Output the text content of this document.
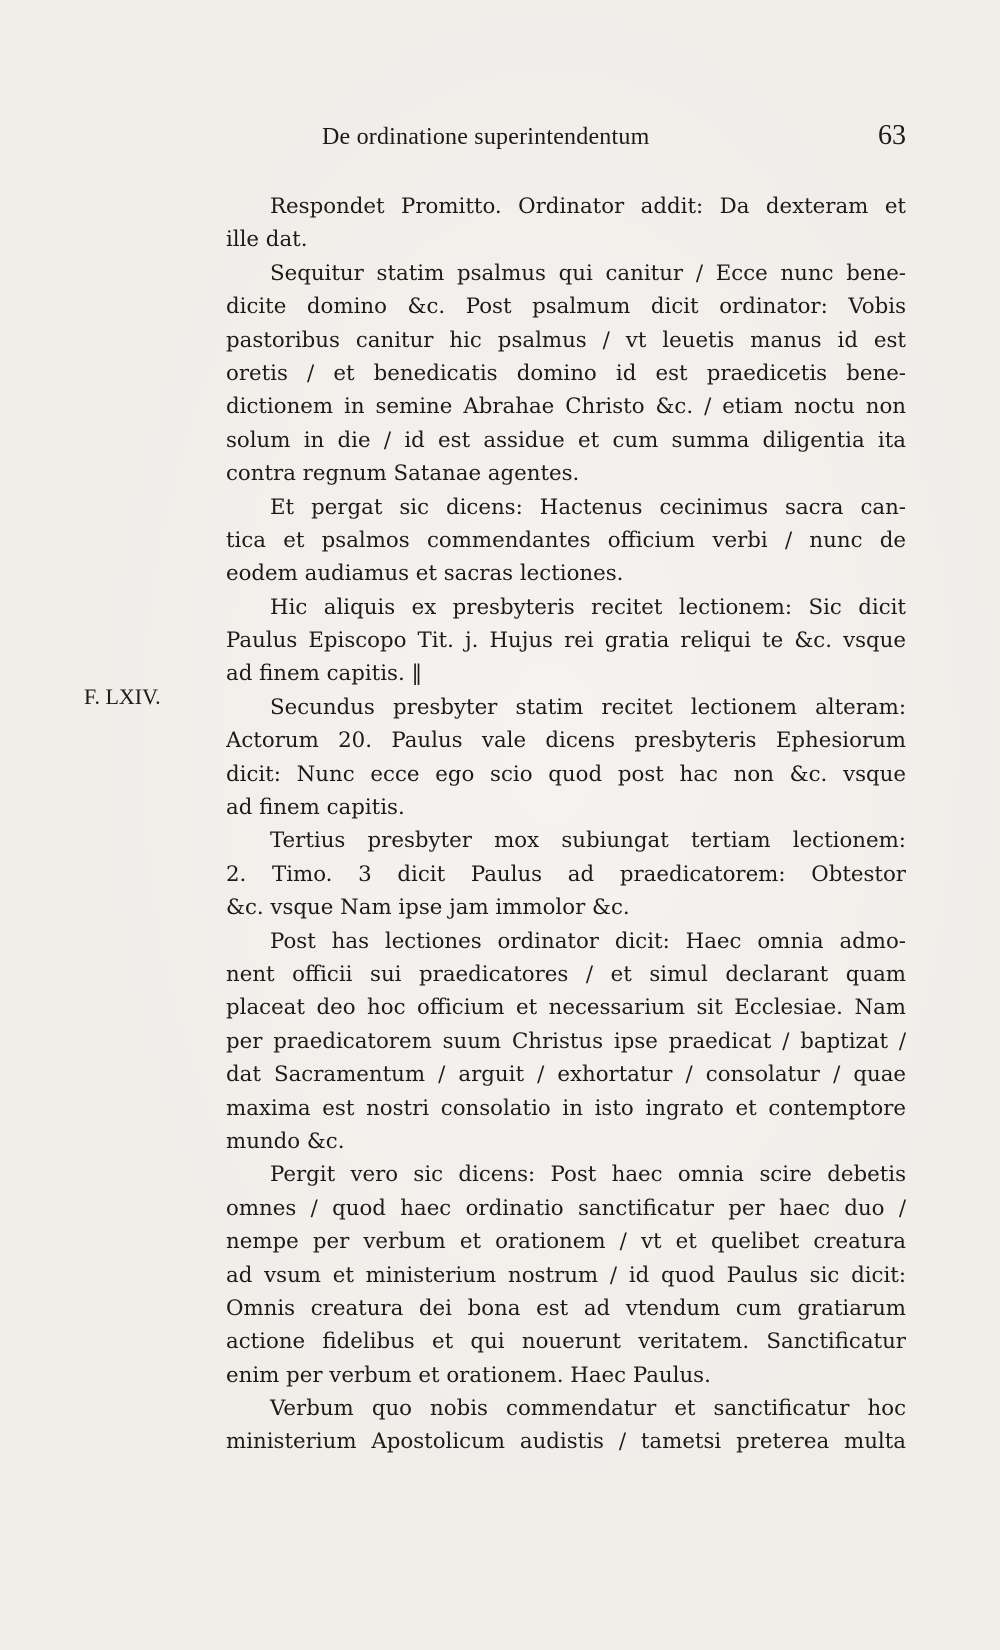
De ordinatione superintendentum	63
F. LXIV.
Respondet Promitto. Ordinator addit: Da dexteram et
ille dat.
Sequitur statim psalmus qui canitur / Ecce nunc bene-
dicite domino &c. Post psalmum dicit ordinator: Vobis
pastoribus canitur hic psalmus / vt leuetis manus id est
oretis / et benedicatis domino id est praedicetis bene-
dictionem in semine Abrahae Christo &c. / etiam noctu non
solum in die / id est assidue et cum summa diligentia ita
contra regnum Satanae agentes.
Et pergat sic dicens: Hactenus cecinimus sacra can-
tica et psalmos commendantes officium verbi / nunc de
eodem audiamus et sacras lectiones.
Hic aliquis ex presbyteris recitet lectionem: Sic dicit
Paulus Episcopo Tit. j. Hujus rei gratia reliqui te &c. vsque
ad finem capitis. ‖
Secundus presbyter statim recitet lectionem alteram:
Actorum 20. Paulus vale dicens presbyteris Ephesiorum
dicit: Nunc ecce ego scio quod post hac non &c. vsque
ad finem capitis.
Tertius presbyter mox subiungat tertiam lectionem:
2. Timo. 3 dicit Paulus ad praedicatorem: Obtestor
&c. vsque Nam ipse jam immolor &c.
Post has lectiones ordinator dicit: Haec omnia admo-
nent officii sui praedicatores / et simul declarant quam
placeat deo hoc officium et necessarium sit Ecclesiae. Nam
per praedicatorem suum Christus ipse praedicat / baptizat /
dat Sacramentum / arguit / exhortatur / consolatur / quae
maxima est nostri consolatio in isto ingrato et contemptore
mundo &c.
Pergit vero sic dicens: Post haec omnia scire debetis
omnes / quod haec ordinatio sanctificatur per haec duo /
nempe per verbum et orationem / vt et quelibet creatura
ad vsum et ministerium nostrum / id quod Paulus sic dicit:
Omnis creatura dei bona est ad vtendum cum gratiarum
actione fidelibus et qui nouerunt veritatem. Sanctificatur
enim per verbum et orationem. Haec Paulus.
Verbum quo nobis commendatur et sanctificatur hoc
ministerium Apostolicum audistis / tametsi preterea multa
